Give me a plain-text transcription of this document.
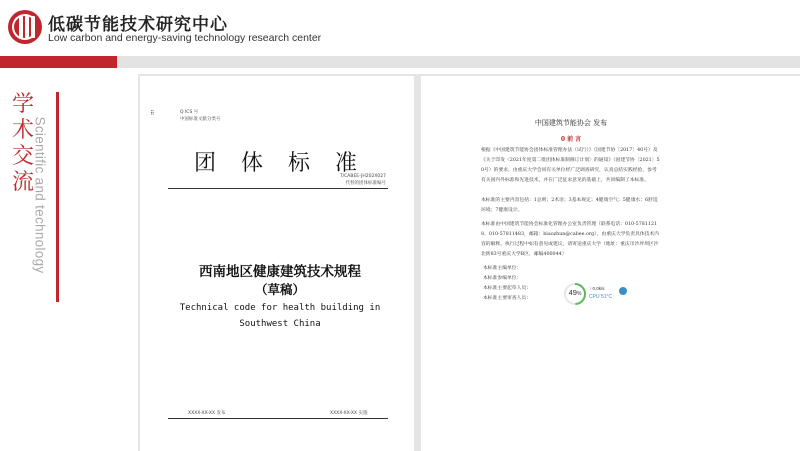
低碳节能技术研究中心
Low carbon and energy-saving technology research center
学
术
交
流
Scientific and technology
⠿	Q ICS 号
中国标准文献分类号
团 体 标 准
T/CABEE-JH202X027
代替的团体标准编号
西南地区健康建筑技术规程
（草稿）
Technical code for health building in
Southwest China
XXXX-XX-XX 发布	XXXX-XX-XX 实施
中国建筑节能协会 发布
0 前 言
根据《中国建筑节能协会团体标准管理办法（试行）》（国建节协〔2017〕40号）及《关于印发〈2021年度第二批团体标准制修订计划〉的通知》（国建节协〔2021〕50号）的要求，由重庆大学会同有关单位经广泛调查研究，认真总结实践经验，参考有关国内外标准和先进技术，并在广泛征求意见的基础上，共同编制了本标准。
本标准的主要内容包括：1总则；2术语；3基本规定；4健康空气；5健康水；6舒适环境；7健康设计。
本标准由中国建筑节能协会标准化管理办公室负责管理（联系电话：010-57811218、010-57811483，邮箱：biaozhun@cabee.org），由重庆大学负责具体技术内容的解释。执行过程中如有意见或建议，请寄送重庆大学（地址：重庆市沙坪坝区沙北街83号重庆大学B区，邮编400044）
本标准主编单位：
本标准参编单位：
本标准主要起草人员：
本标准主要审查人员：
49%
↑ 0.0k/s
CPU 51°C
